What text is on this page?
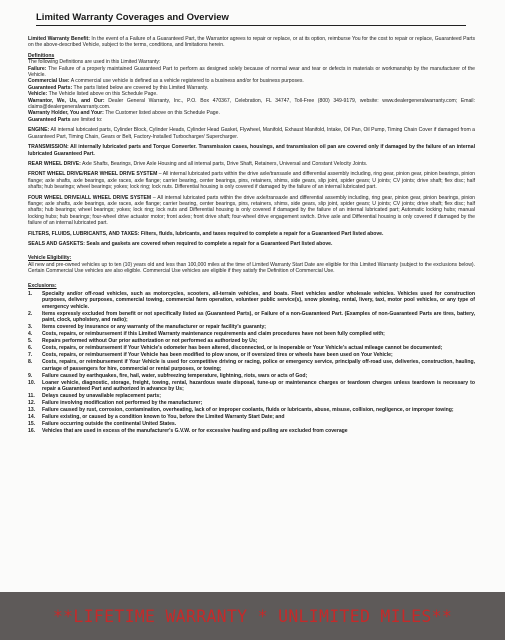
Limited Warranty Coverages and Overview

Limited Warranty Benefit: In the event of a Failure of a Guaranteed Part, the Warrantor agrees to repair or replace, or at its option, reimburse You for the cost to repair or replace, Guaranteed Parts on the above-described Vehicle, subject to the terms, conditions, and limitations herein.

Definitions

The following Definitions are used in this Limited Warranty:

Failure: The Failure of a properly maintained Guaranteed Part to perform as designed solely because of normal wear and tear or defects in materials or workmanship by the manufacturer of the Vehicle.

Commercial Use: A commercial use vehicle is defined as a vehicle registered to a business and/or for business purposes.

Guaranteed Parts: The parts listed below are covered by this Limited Warranty.

Vehicle: The Vehicle listed above on this Schedule Page.

Warrantor, We, Us, and Our: Dealer General Warranty, Inc., P.O. Box 470367, Celebration, FL 34747, Toll-Free (800) 349-9179, website: www.dealergeneralwarranty.com; Email: claims@dealergeneralwarranty.com.

Warranty Holder, You and Your: The Customer listed above on this Schedule Page.

Guaranteed Parts are limited to:

ENGINE: All internal lubricated parts, Cylinder Block, Cylinder Heads, Cylinder Head Gasket, Flywheel, Manifold, Exhaust Manifold, Intake, Oil Pan, Oil Pump, Timing Chain Cover if damaged from a Guaranteed Part, Timing Chain, Gears or Belt, Factory-Installed Turbocharger/ Supercharger.

TRANSMISSION: All internally lubricated parts and Torque Converter. Transmission cases, housings, and transmission oil pan are covered only if damaged by the failure of an internal lubricated Guaranteed Part.

REAR WHEEL DRIVE: Axle Shafts, Bearings, Drive Axle Housing and all internal parts, Drive Shaft, Retainers, Universal and Constant Velocity Joints.

FRONT WHEEL DRIVE/REAR WHEEL DRIVE SYSTEM – All internal lubricated parts within the drive axle/transaxle and differential assembly including, ring gear, pinion gear, pinion bearings, pinion flange; axle shafts, axle bearings, axle races, axle flange; carrier bearing, center bearings, pins, retainers, shims, side gears, slip joint, spider gears; U joints; CV joints; drive shaft; flex disc; half shafts; hub bearings; wheel bearings; yokes; lock ring; lock nuts. Differential housing is only covered if damaged by the failure of an internal lubricated part.

FOUR WHEEL DRIVE/ALL WHEEL DRIVE SYSTEM – All internal lubricated parts within the drive axle/transaxle and differential assembly including, ring gear, pinion gear, pinion bearings, pinion flange; axle shafts, axle bearings, axle races, axle flange; carrier bearing, center bearings, pins, retainers, shims, side gears, slip joint, spider gears; U joints; CV joints; drive shaft; flex disc; half shafts; hub bearings; wheel bearings; yokes; lock ring; lock nuts and Differential housing is only covered if damaged by the failure of an internal lubricated part; Automatic locking hubs; manual locking hubs; hub bearings; four-wheel drive actuator motor; front axles; front drive shaft; four-wheel drive engagement switch. Drive axle and Differential housing is only covered if damaged by the failure of an internal lubricated part.

FILTERS, FLUIDS, LUBRICANTS, AND TAXES: Filters, fluids, lubricants, and taxes required to complete a repair for a Guaranteed Part listed above.

SEALS AND GASKETS: Seals and gaskets are covered when required to complete a repair for a Guaranteed Part listed above.

Vehicle Eligibility:

All new and pre-owned vehicles up to ten (10) years old and less than 100,000 miles at the time of Limited Warranty Start Date are eligible for this Limited Warranty (subject to the exclusions below). Certain Commercial Use vehicles are also eligible. Commercial Use vehicles are eligible if they satisfy the Definition of Commercial Use.

Exclusions:

1.	Specialty and/or off-road vehicles, such as motorcycles, scooters, all-terrain vehicles, and boats. Fleet vehicles and/or wholesale vehicles. Vehicles used for construction purposes, delivery purposes, commercial towing, commercial farm operation, volunteer public service(s), snow plowing, rental, livery, taxi, motor pool vehicles, or any type of emergency vehicle.
2.	Items expressly excluded from benefit or not specifically listed as (Guaranteed Parts), or Failure of a non-Guaranteed Part. (Examples of non-Guaranteed Parts are tires, battery, paint, clock, upholstery, and radio);
3.	Items covered by insurance or any warranty of the manufacturer or repair facility's guaranty;
4.	Costs, repairs, or reimbursement if this Limited Warranty maintenance requirements and claim procedures have not been fully complied with;
5.	Repairs performed without Our prior authorization or not performed as authorized by Us;
6.	Costs, repairs, or reimbursement if Your Vehicle's odometer has been altered, disconnected, or is inoperable or Your Vehicle's actual mileage cannot be documented;
7.	Costs, repairs, or reimbursement if Your Vehicle has been modified to plow snow, or if oversized tires or wheels have been used on Your Vehicle;
8.	Costs, repairs, or reimbursement if Your Vehicle is used for competitive driving or racing, police or emergency service, principally off-road use, deliveries, construction, hauling, carriage of passengers for hire, commercial or rental purposes, or towing;
9.	Failure caused by earthquakes, fire, hail, water, subfreezing temperature, lightning, riots, wars or acts of God;
10.	Loaner vehicle, diagnostic, storage, freight, towing, rental, hazardous waste disposal, tune-up or maintenance charges or teardown charges unless teardown is necessary to repair a Guaranteed Part and authorized in advance by Us;
11.	Delays caused by unavailable replacement parts;
12.	Failure involving modification not performed by the manufacturer;
13.	Failure caused by rust, corrosion, contamination, overheating, lack of or improper coolants, fluids or lubricants, abuse, misuse, collision, negligence, or improper towing;
14.	Failure existing, or caused by a condition known to You, before the Limited Warranty Start Date; and
15.	Failure occurring outside the continental United States.
16.	Vehicles that are used in excess of the manufacturer's G.V.W. or for excessive hauling and pulling are excluded from coverage
**LIFETIME WARRANTY * UNLIMITED MILES**
